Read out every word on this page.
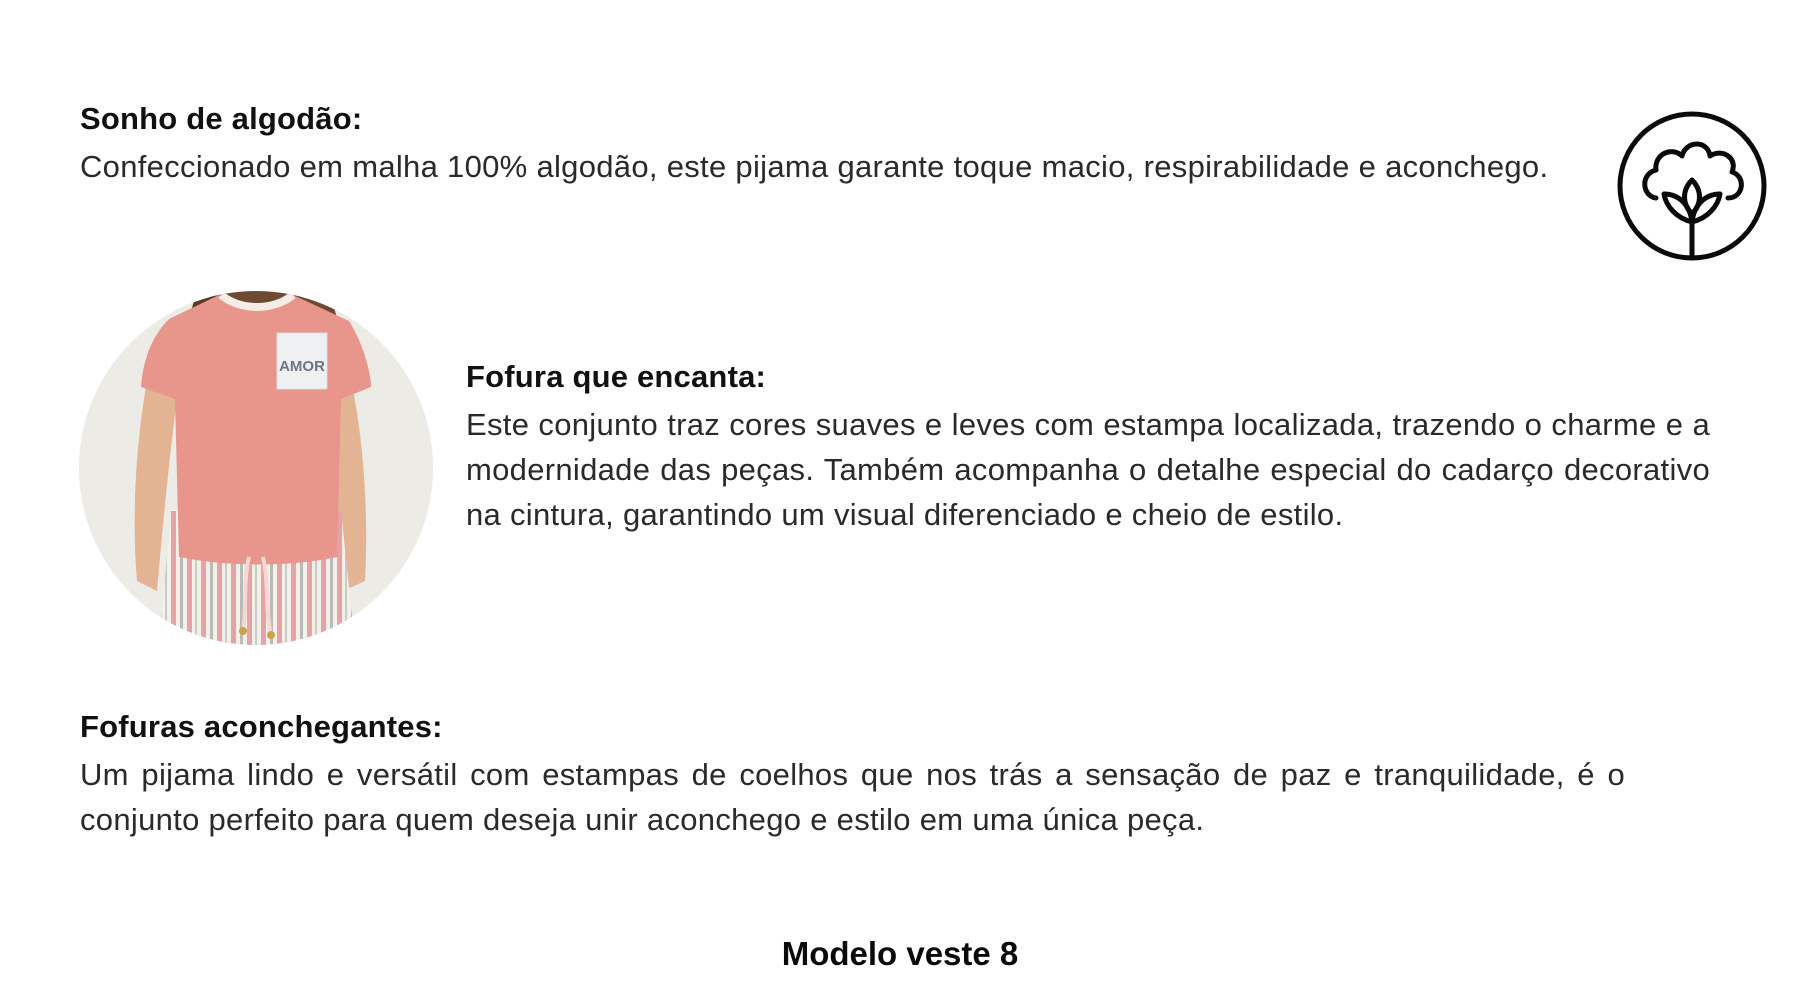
Sonho de algodão:

Confeccionado em malha 100% algodão, este pijama garante toque macio, respirabilidade e aconchego.

AMOR	Fofura que encanta:

Este conjunto traz cores suaves e leves com estampa localizada, trazendo o charme e a modernidade das peças. Também acompanha o detalhe especial do cadarço decorativo na cintura, garantindo um visual diferenciado e cheio de estilo.

Fofuras aconchegantes:

Um pijama lindo e versátil com estampas de coelhos que nos trás a sensação de paz e tranquilidade, é o conjunto perfeito para quem deseja unir aconchego e estilo em uma única peça.

Modelo veste 8
